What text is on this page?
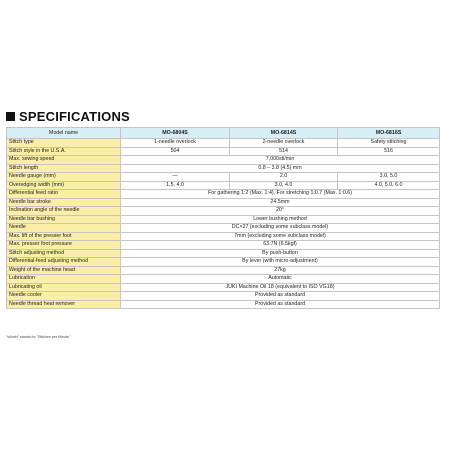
SPECIFICATIONS
Model name	MO-6804S	MO-6814S	MO-6816S
Stitch type	1-needle overlock	2-needle overlock	Safety stitching
Stitch style in the U.S.A.	504	514	516
Max. sewing speed	7,000sti/min		
Stitch length	0.8 – 3.8 (4.5) mm		
Needle gauge (mm)	—	2.0	3.0, 5.0
Overedging width (mm)	1.5, 4.0	3.0, 4.0	4.0, 5.0, 6.0
Differential feed ratio	For gathering 1:2 (Max. 1:4), For stretching 1:0.7 (Max. 1:0.6)		
Needle bar stroke	24.5mm		
Inclination angle of the needle	20°		
Needle bar bushing	Lower bushing method		
Needle	DC×27 (excluding some subclass model)		
Max. lift of the presser foot	7mm (excluding some subclass model)		
Max. presser foot pressure	63.7N (6.5kgf)		
Stitch adjusting method	By push-button		
Differential-feed adjusting method	By lever (with micro-adjustment)		
Weight of the machine head	27kg		
Lubrication	Automatic		
Lubricating oil	JUKI Machine Oil 18 (equivalent to ISO VG18)		
Needle cooler	Provided as standard		
Needle thread heat remover	Provided as standard		
"sti/min" stands for "Stitches per Minute."
